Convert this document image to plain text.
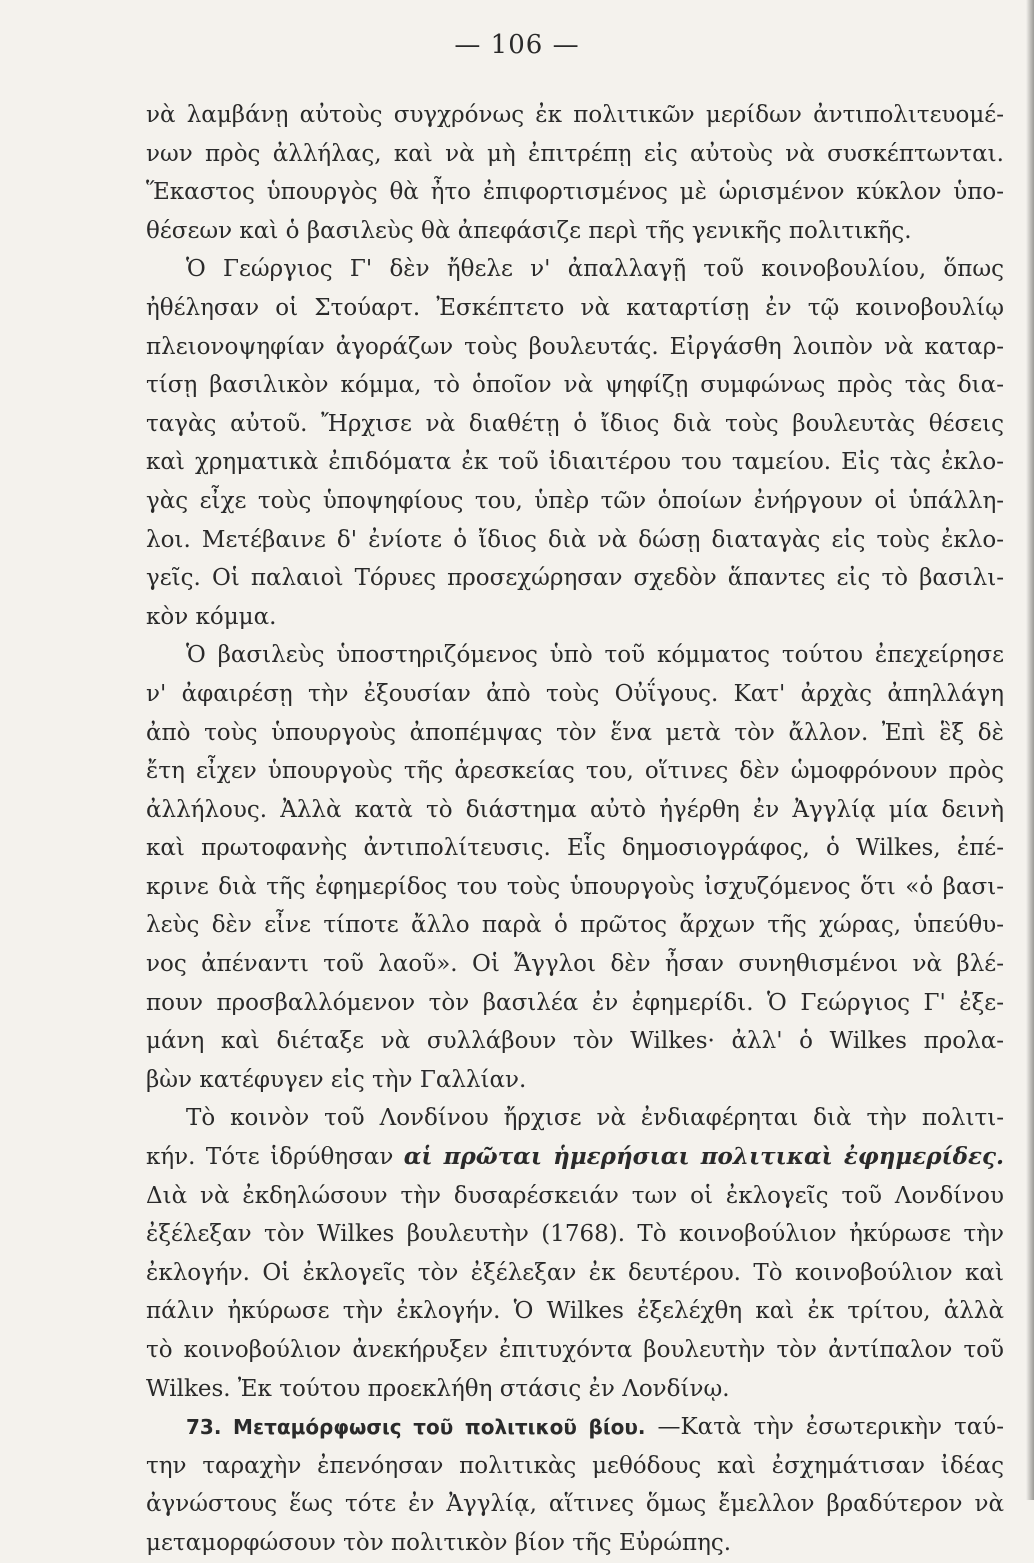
— 106 —
νὰ λαμβάνῃ αὐτοὺς συγχρόνως ἐκ πολιτικῶν μερίδων ἀντιπολιτευομέ-
νων πρὸς ἀλλήλας, καὶ νὰ μὴ ἐπιτρέπῃ εἰς αὐτοὺς νὰ συσκέπτωνται.
Ἕκαστος ὑπουργὸς θὰ ἦτο ἐπιφορτισμένος μὲ ὡρισμένον κύκλον ὑπο-
θέσεων καὶ ὁ βασιλεὺς θὰ ἀπεφάσιζε περὶ τῆς γενικῆς πολιτικῆς.
Ὁ Γεώργιος Γ' δὲν ἤθελε ν' ἀπαλλαγῇ τοῦ κοινοβουλίου, ὅπως
ἠθέλησαν οἱ Στούαρτ. Ἐσκέπτετο νὰ καταρτίσῃ ἐν τῷ κοινοβουλίῳ
πλειονοψηφίαν ἀγοράζων τοὺς βουλευτάς. Εἰργάσθη λοιπὸν νὰ καταρ-
τίσῃ βασιλικὸν κόμμα, τὸ ὁποῖον νὰ ψηφίζῃ συμφώνως πρὸς τὰς δια-
ταγὰς αὐτοῦ. Ἤρχισε νὰ διαθέτῃ ὁ ἴδιος διὰ τοὺς βουλευτὰς θέσεις
καὶ χρηματικὰ ἐπιδόματα ἐκ τοῦ ἰδιαιτέρου του ταμείου. Εἰς τὰς ἐκλο-
γὰς εἶχε τοὺς ὑποψηφίους του, ὑπὲρ τῶν ὁποίων ἐνήργουν οἱ ὑπάλλη-
λοι. Μετέβαινε δ' ἐνίοτε ὁ ἴδιος διὰ νὰ δώσῃ διαταγὰς εἰς τοὺς ἐκλο-
γεῖς. Οἱ παλαιοὶ Τόρυες προσεχώρησαν σχεδὸν ἅπαντες εἰς τὸ βασιλι-
κὸν κόμμα.
Ὁ βασιλεὺς ὑποστηριζόμενος ὑπὸ τοῦ κόμματος τούτου ἐπεχείρησε
ν' ἀφαιρέσῃ τὴν ἐξουσίαν ἀπὸ τοὺς Οὐΐγους. Κατ' ἀρχὰς ἀπηλλάγη
ἀπὸ τοὺς ὑπουργοὺς ἀποπέμψας τὸν ἕνα μετὰ τὸν ἄλλον. Ἐπὶ ἓξ δὲ
ἔτη εἶχεν ὑπουργοὺς τῆς ἀρεσκείας του, οἵτινες δὲν ὡμοφρόνουν πρὸς
ἀλλήλους. Ἀλλὰ κατὰ τὸ διάστημα αὐτὸ ἠγέρθη ἐν Ἀγγλίᾳ μία δεινὴ
καὶ πρωτοφανὴς ἀντιπολίτευσις. Εἷς δημοσιογράφος, ὁ Wilkes, ἐπέ-
κρινε διὰ τῆς ἐφημερίδος του τοὺς ὑπουργοὺς ἰσχυζόμενος ὅτι «ὁ βασι-
λεὺς δὲν εἶνε τίποτε ἄλλο παρὰ ὁ πρῶτος ἄρχων τῆς χώρας, ὑπεύθυ-
νος ἀπέναντι τοῦ λαοῦ». Οἱ Ἄγγλοι δὲν ἦσαν συνηθισμένοι νὰ βλέ-
πουν προσβαλλόμενον τὸν βασιλέα ἐν ἐφημερίδι. Ὁ Γεώργιος Γ' ἐξε-
μάνη καὶ διέταξε νὰ συλλάβουν τὸν Wilkes· ἀλλ' ὁ Wilkes προλα-
βὼν κατέφυγεν εἰς τὴν Γαλλίαν.
Τὸ κοινὸν τοῦ Λονδίνου ἤρχισε νὰ ἐνδιαφέρηται διὰ τὴν πολιτι-
κήν. Τότε ἱδρύθησαν αἱ πρῶται ἡμερήσιαι πολιτικαὶ ἐφημερίδες.
Διὰ νὰ ἐκδηλώσουν τὴν δυσαρέσκειάν των οἱ ἐκλογεῖς τοῦ Λονδίνου
ἐξέλεξαν τὸν Wilkes βουλευτὴν (1768). Τὸ κοινοβούλιον ἠκύρωσε τὴν
ἐκλογήν. Οἱ ἐκλογεῖς τὸν ἐξέλεξαν ἐκ δευτέρου. Τὸ κοινοβούλιον καὶ
πάλιν ἠκύρωσε τὴν ἐκλογήν. Ὁ Wilkes ἐξελέχθη καὶ ἐκ τρίτου, ἀλλὰ
τὸ κοινοβούλιον ἀνεκήρυξεν ἐπιτυχόντα βουλευτὴν τὸν ἀντίπαλον τοῦ
Wilkes. Ἐκ τούτου προεκλήθη στάσις ἐν Λονδίνῳ.
73. Μεταμόρφωσις τοῦ πολιτικοῦ βίου. —Κατὰ τὴν ἐσωτερικὴν ταύ-
την ταραχὴν ἐπενόησαν πολιτικὰς μεθόδους καὶ ἐσχημάτισαν ἰδέας
ἀγνώστους ἕως τότε ἐν Ἀγγλίᾳ, αἵτινες ὅμως ἔμελλον βραδύτερον νὰ
μεταμορφώσουν τὸν πολιτικὸν βίον τῆς Εὐρώπης.
